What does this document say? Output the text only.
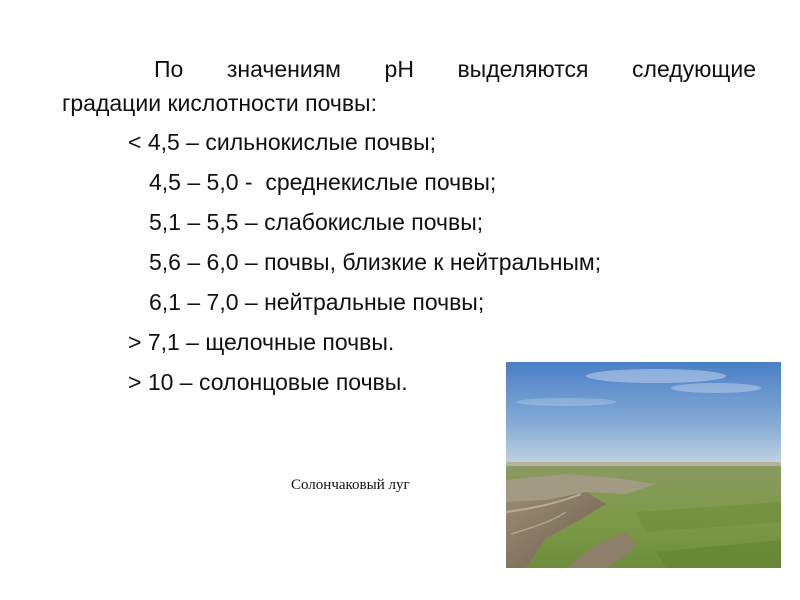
По значениям pH выделяются следующие
градации кислотности почвы:
< 4,5 – сильнокислые почвы;
4,5 – 5,0 -  среднекислые почвы;
5,1 – 5,5 – слабокислые почвы;
5,6 – 6,0 – почвы, близкие к нейтральным;
6,1 – 7,0 – нейтральные почвы;
> 7,1 – щелочные почвы.
> 10 – солонцовые почвы.
Солончаковый луг
